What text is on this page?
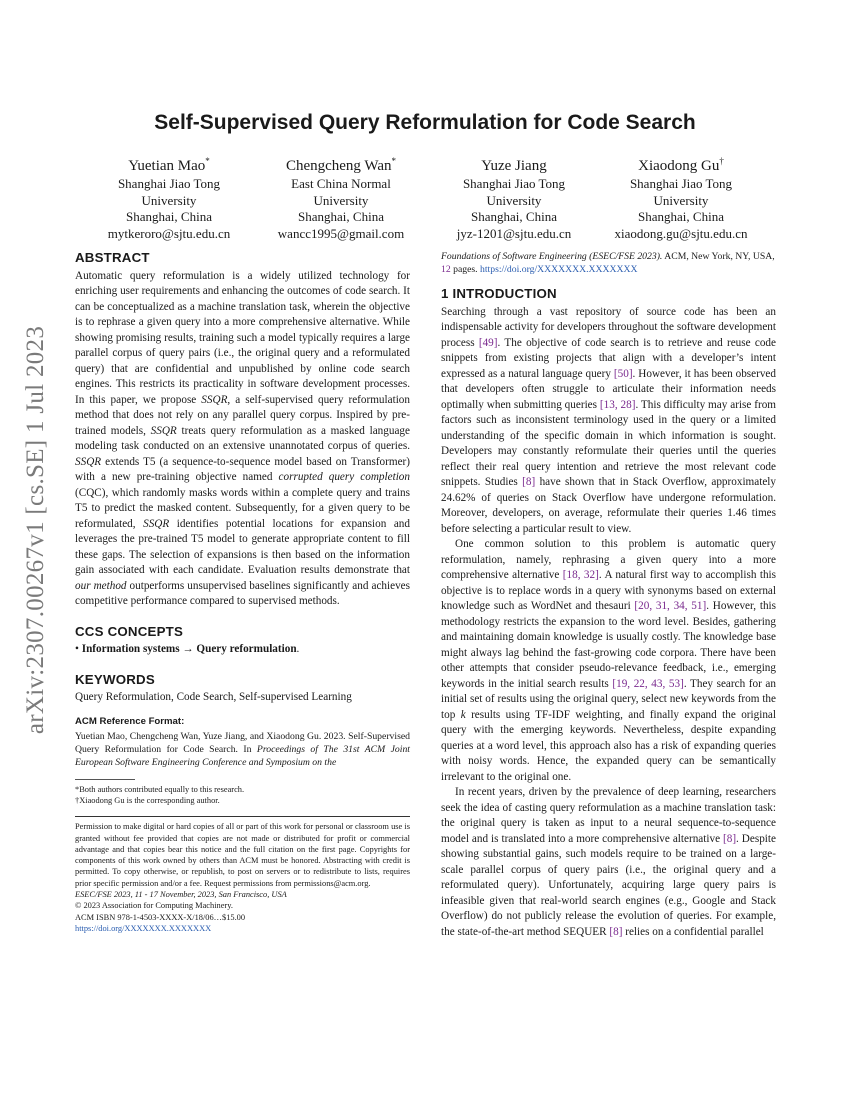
arXiv:2307.00267v1 [cs.SE] 1 Jul 2023
Self-Supervised Query Reformulation for Code Search
Yuetian Mao*
Shanghai Jiao Tong
University
Shanghai, China
mytkeroro@sjtu.edu.cn
Chengcheng Wan*
East China Normal
University
Shanghai, China
wancc1995@gmail.com
Yuze Jiang
Shanghai Jiao Tong
University
Shanghai, China
jyz-1201@sjtu.edu.cn
Xiaodong Gu†
Shanghai Jiao Tong
University
Shanghai, China
xiaodong.gu@sjtu.edu.cn
ABSTRACT

Automatic query reformulation is a widely utilized technology for enriching user requirements and enhancing the outcomes of code search. It can be conceptualized as a machine translation task, wherein the objective is to rephrase a given query into a more comprehensive alternative. While showing promising results, training such a model typically requires a large parallel corpus of query pairs (i.e., the original query and a reformulated query) that are confidential and unpublished by online code search engines. This restricts its practicality in software development processes. In this paper, we propose SSQR, a self-supervised query reformulation method that does not rely on any parallel query corpus. Inspired by pre-trained models, SSQR treats query reformulation as a masked language modeling task conducted on an extensive unannotated corpus of queries. SSQR extends T5 (a sequence-to-sequence model based on Transformer) with a new pre-training objective named corrupted query completion (CQC), which randomly masks words within a complete query and trains T5 to predict the masked content. Subsequently, for a given query to be reformulated, SSQR identifies potential locations for expansion and leverages the pre-trained T5 model to generate appropriate content to fill these gaps. The selection of expansions is then based on the information gain associated with each candidate. Evaluation results demonstrate that our method outperforms unsupervised baselines significantly and achieves competitive performance compared to supervised methods.

CCS CONCEPTS

• Information systems → Query reformulation.

KEYWORDS

Query Reformulation, Code Search, Self-supervised Learning

ACM Reference Format:

Yuetian Mao, Chengcheng Wan, Yuze Jiang, and Xiaodong Gu. 2023. Self-Supervised Query Reformulation for Code Search. In Proceedings of The 31st ACM Joint European Software Engineering Conference and Symposium on the

*Both authors contributed equally to this research.

†Xiaodong Gu is the corresponding author.

Permission to make digital or hard copies of all or part of this work for personal or classroom use is granted without fee provided that copies are not made or distributed for profit or commercial advantage and that copies bear this notice and the full citation on the first page. Copyrights for components of this work owned by others than ACM must be honored. Abstracting with credit is permitted. To copy otherwise, or republish, to post on servers or to redistribute to lists, requires prior specific permission and/or a fee. Request permissions from permissions@acm.org.

ESEC/FSE 2023, 11 - 17 November, 2023, San Francisco, USA

© 2023 Association for Computing Machinery.

ACM ISBN 978-1-4503-XXXX-X/18/06…$15.00

https://doi.org/XXXXXXX.XXXXXXX

Foundations of Software Engineering (ESEC/FSE 2023). ACM, New York, NY, USA, 12 pages. https://doi.org/XXXXXXX.XXXXXXX

1 INTRODUCTION

Searching through a vast repository of source code has been an indispensable activity for developers throughout the software development process [49]. The objective of code search is to retrieve and reuse code snippets from existing projects that align with a developer’s intent expressed as a natural language query [50]. However, it has been observed that developers often struggle to articulate their information needs optimally when submitting queries [13, 28]. This difficulty may arise from factors such as inconsistent terminology used in the query or a limited understanding of the specific domain in which information is sought. Developers may constantly reformulate their queries until the queries reflect their real query intention and retrieve the most relevant code snippets. Studies [8] have shown that in Stack Overflow, approximately 24.62% of queries on Stack Overflow have undergone reformulation. Moreover, developers, on average, reformulate their queries 1.46 times before selecting a particular result to view.

One common solution to this problem is automatic query reformulation, namely, rephrasing a given query into a more comprehensive alternative [18, 32]. A natural first way to accomplish this objective is to replace words in a query with synonyms based on external knowledge such as WordNet and thesauri [20, 31, 34, 51]. However, this methodology restricts the expansion to the word level. Besides, gathering and maintaining domain knowledge is usually costly. The knowledge base might always lag behind the fast-growing code corpora. There have been other attempts that consider pseudo-relevance feedback, i.e., emerging keywords in the initial search results [19, 22, 43, 53]. They search for an initial set of results using the original query, select new keywords from the top k results using TF-IDF weighting, and finally expand the original query with the emerging keywords. Nevertheless, despite expanding queries at a word level, this approach also has a risk of expanding queries with noisy words. Hence, the expanded query can be semantically irrelevant to the original one.

In recent years, driven by the prevalence of deep learning, researchers seek the idea of casting query reformulation as a machine translation task: the original query is taken as input to a neural sequence-to-sequence model and is translated into a more comprehensive alternative [8]. Despite showing substantial gains, such models require to be trained on a large-scale parallel corpus of query pairs (i.e., the original query and a reformulated query). Unfortunately, acquiring large query pairs is infeasible given that real-world search engines (e.g., Google and Stack Overflow) do not publicly release the evolution of queries. For example, the state-of-the-art method SEQUER [8] relies on a confidential parallel
